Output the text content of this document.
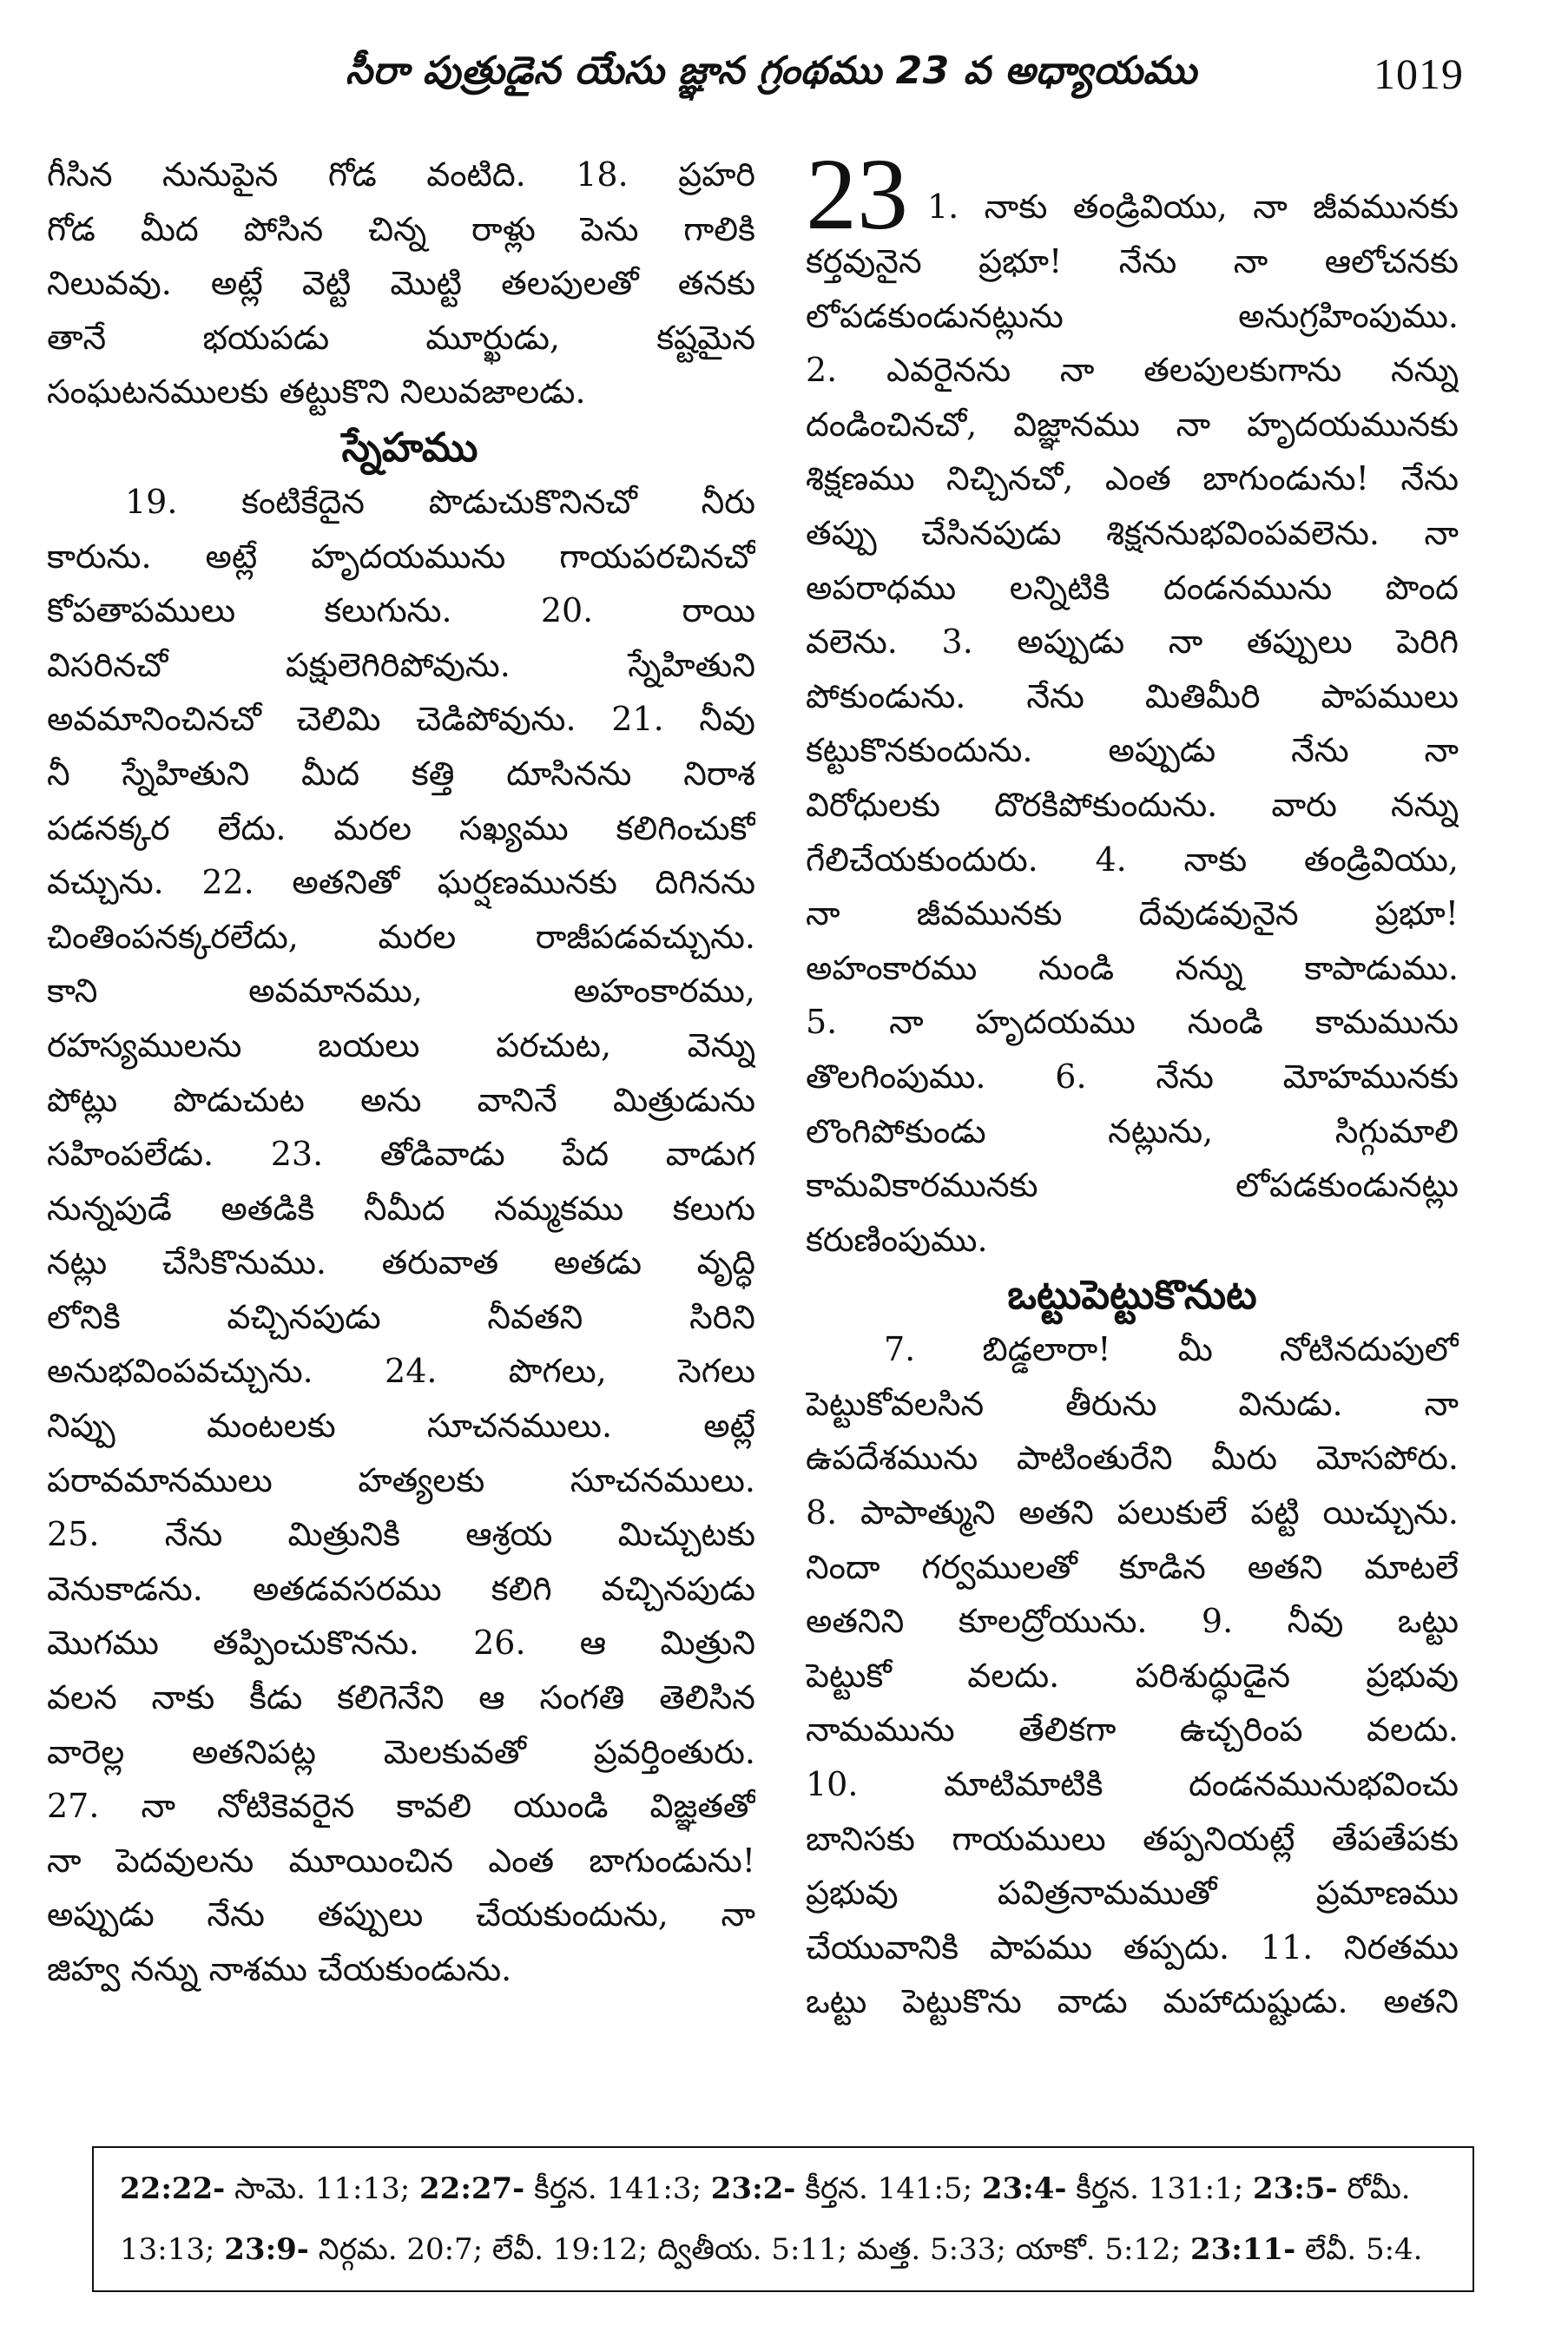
సీరా పుత్రుడైన యేసు జ్ఞాన గ్రంథము 23 వ అధ్యాయము	1019
గీసిన నునుపైన గోడ వంటిది. 18. ప్రహరి
గోడ మీద పోసిన చిన్న రాళ్లు పెను గాలికి
నిలువవు. అట్లే వెట్టి మొట్టి తలపులతో తనకు
తానే భయపడు మూర్ఖుడు, కష్టమైన
సంఘటనములకు తట్టుకొని నిలువజాలడు.
స్నేహము
19. కంటికేదైన పొడుచుకొనినచో నీరు
కారును. అట్లే హృదయమును గాయపరచినచో
కోపతాపములు కలుగును. 20. రాయి
విసరినచో పక్షులెగిరిపోవును. స్నేహితుని
అవమానించినచో చెలిమి చెడిపోవును. 21. నీవు
నీ స్నేహితుని మీద కత్తి దూసినను నిరాశ
పడనక్కర లేదు. మరల సఖ్యము కలిగించుకో
వచ్చును. 22. అతనితో ఘర్షణమునకు దిగినను
చింతింపనక్కరలేదు, మరల రాజీపడవచ్చును.
కాని అవమానము, అహంకారము,
రహస్యములను బయలు పరచుట, వెన్ను
పోట్లు పొడుచుట అను వానినే మిత్రుడును
సహింపలేడు. 23. తోడివాడు పేద వాడుగ
నున్నపుడే అతడికి నీమీద నమ్మకము కలుగు
నట్లు చేసికొనుము. తరువాత అతడు వృద్ధి
లోనికి వచ్చినపుడు నీవతని సిరిని
అనుభవింపవచ్చును. 24. పొగలు, సెగలు
నిప్పు మంటలకు సూచనములు. అట్లే
పరావమానములు హత్యలకు సూచనములు.
25. నేను మిత్రునికి ఆశ్రయ మిచ్చుటకు
వెనుకాడను. అతడవసరము కలిగి వచ్చినపుడు
మొగము తప్పించుకొనను. 26. ఆ మిత్రుని
వలన నాకు కీడు కలిగెనేని ఆ సంగతి తెలిసిన
వారెల్ల అతనిపట్ల మెలకువతో ప్రవర్తింతురు.
27. నా నోటికెవరైన కావలి యుండి విజ్ఞతతో
నా పెదవులను మూయించిన ఎంత బాగుండును!
అప్పుడు నేను తప్పులు చేయకుందును, నా
జిహ్వ నన్ను నాశము చేయకుండును.
23 1. నాకు తండ్రివియు, నా జీవమునకు
కర్తవునైన ప్రభూ! నేను నా ఆలోచనకు
లోపడకుండునట్లును అనుగ్రహింపుము.
2. ఎవరైనను నా తలపులకుగాను నన్ను
దండించినచో, విజ్ఞానము నా హృదయమునకు
శిక్షణము నిచ్చినచో, ఎంత బాగుండును! నేను
తప్పు చేసినపుడు శిక్షననుభవింపవలెను. నా
అపరాధము లన్నిటికి దండనమును పొంద
వలెను. 3. అప్పుడు నా తప్పులు పెరిగి
పోకుండును. నేను మితిమీరి పాపములు
కట్టుకొనకుందును. అప్పుడు నేను నా
విరోధులకు దొరకిపోకుందును. వారు నన్ను
గేలిచేయకుందురు. 4. నాకు తండ్రివియు,
నా జీవమునకు దేవుడవునైన ప్రభూ!
అహంకారము నుండి నన్ను కాపాడుము.
5. నా హృదయము నుండి కామమును
తొలగింపుము. 6. నేను మోహమునకు
లొంగిపోకుండు నట్లును, సిగ్గుమాలి
కామవికారమునకు లోపడకుండునట్లు
కరుణింపుము.
ఒట్టుపెట్టుకొనుట
7. బిడ్డలారా! మీ నోటినదుపులో
పెట్టుకోవలసిన తీరును వినుడు. నా
ఉపదేశమును పాటింతురేని మీరు మోసపోరు.
8. పాపాత్ముని అతని పలుకులే పట్టి యిచ్చును.
నిందా గర్వములతో కూడిన అతని మాటలే
అతనిని కూలద్రోయును. 9. నీవు ఒట్టు
పెట్టుకో వలదు. పరిశుద్ధుడైన ప్రభువు
నామమును తేలికగా ఉచ్చరింప వలదు.
10. మాటిమాటికి దండనమునుభవించు
బానిసకు గాయములు తప్పనియట్లే తేపతేపకు
ప్రభువు పవిత్రనామముతో ప్రమాణము
చేయువానికి పాపము తప్పదు. 11. నిరతము
ఒట్టు పెట్టుకొను వాడు మహాదుష్టుడు. అతని
22:22- సామె. 11:13; 22:27- కీర్తన. 141:3; 23:2- కీర్తన. 141:5; 23:4- కీర్తన. 131:1; 23:5- రోమీ.
13:13; 23:9- నిర్గమ. 20:7; లేవీ. 19:12; ద్వితీయ. 5:11; మత్త. 5:33; యాకో. 5:12; 23:11- లేవీ. 5:4.
